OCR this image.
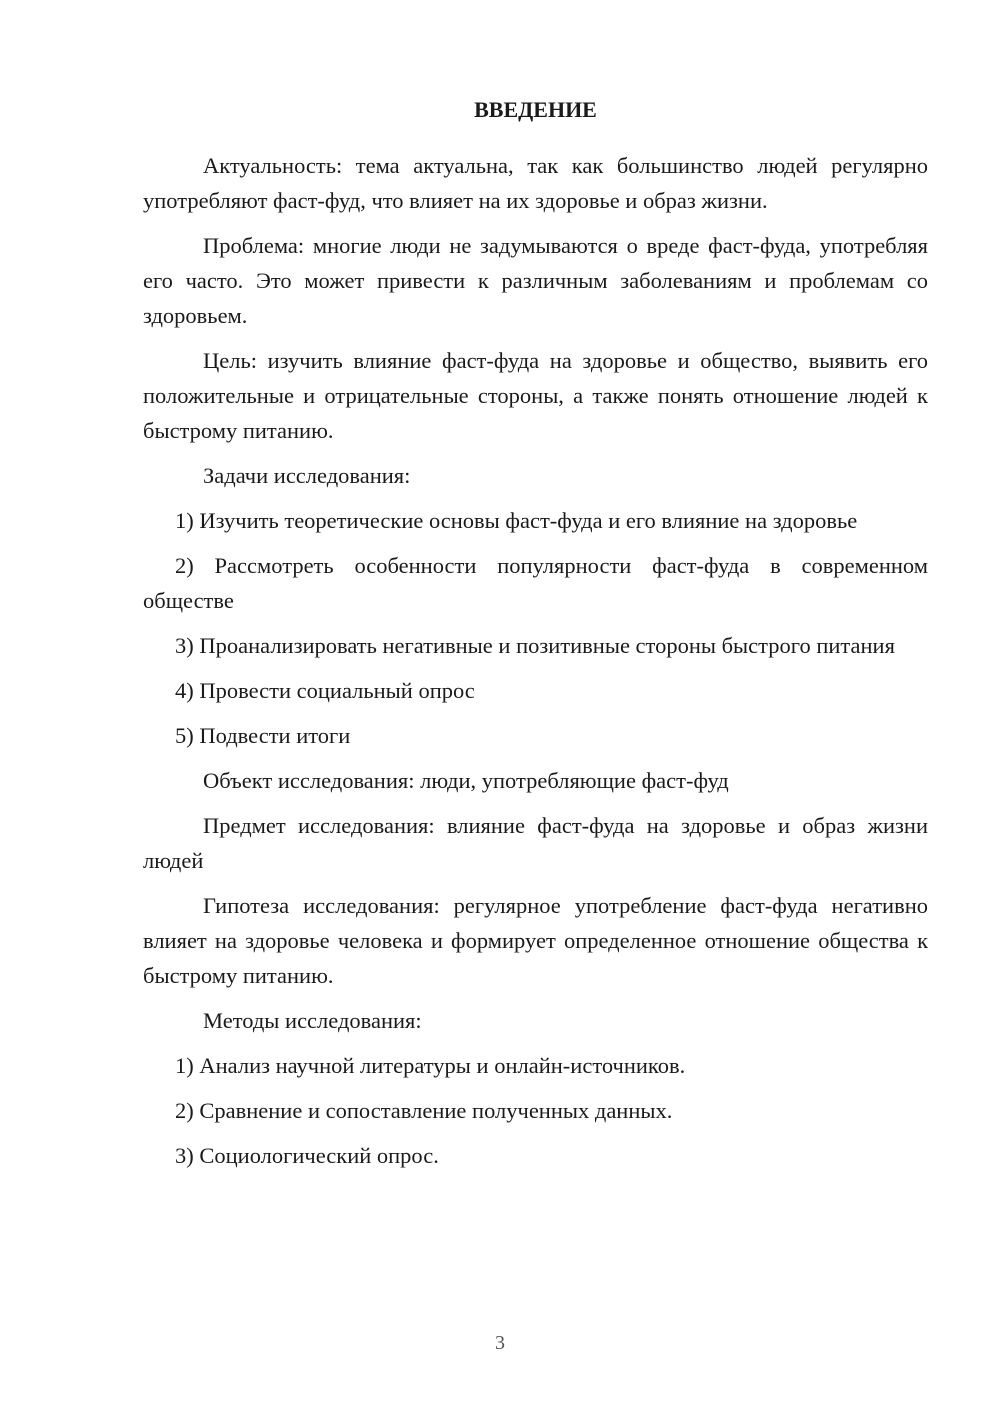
ВВЕДЕНИЕ

Актуальность: тема актуальна, так как большинство людей регулярно употребляют фаст-фуд, что влияет на их здоровье и образ жизни.

Проблема: многие люди не задумываются о вреде фаст-фуда, употребляя его часто. Это может привести к различным заболеваниям и проблемам со здоровьем.

Цель: изучить влияние фаст-фуда на здоровье и общество, выявить его положительные и отрицательные стороны, а также понять отношение людей к быстрому питанию.

Задачи исследования:

1) Изучить теоретические основы фаст-фуда и его влияние на здоровье

2) Рассмотреть особенности популярности фаст-фуда в современном обществе

3) Проанализировать негативные и позитивные стороны быстрого питания

4) Провести социальный опрос

5) Подвести итоги

Объект исследования: люди, употребляющие фаст-фуд

Предмет исследования: влияние фаст-фуда на здоровье и образ жизни людей

Гипотеза исследования: регулярное употребление фаст-фуда негативно влияет на здоровье человека и формирует определенное отношение общества к быстрому питанию.

Методы исследования:

1) Анализ научной литературы и онлайн-источников.

2) Сравнение и сопоставление полученных данных.

3) Социологический опрос.

3
